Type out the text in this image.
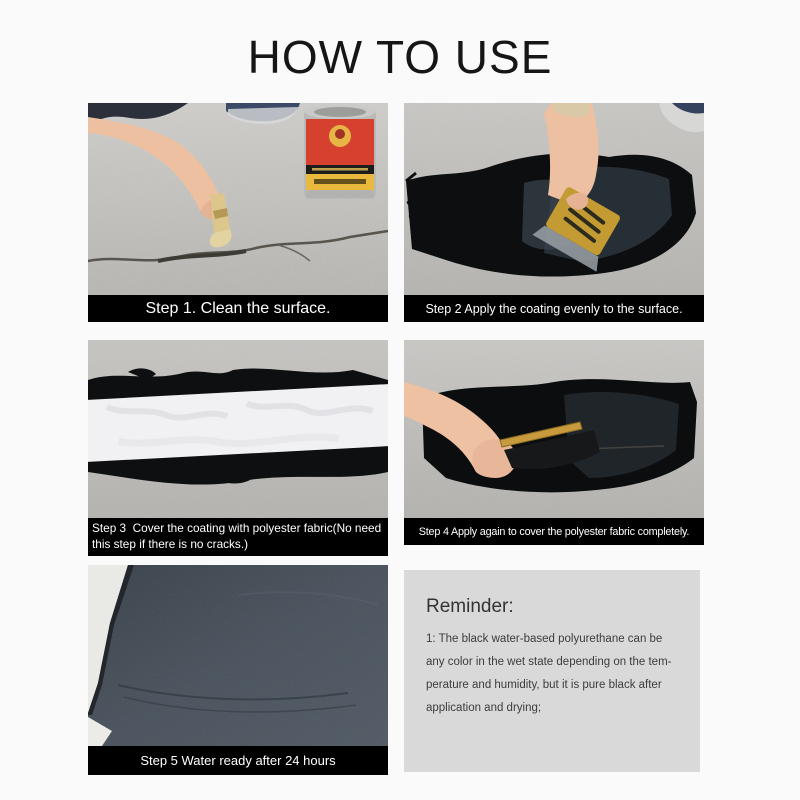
HOW TO USE
Step 1. Clean the surface.	Step 2 Apply the coating evenly to the surface.
Step 3  Cover the coating with polyester fabric(No need this step if there is no cracks.)
Step 4 Apply again to cover the polyester fabric completely.
Step 5 Water ready after 24 hours
Reminder:
1: The black water-based polyurethane can be
any color in the wet state depending on the tem-
perature and humidity, but it is pure black after
application and drying;
